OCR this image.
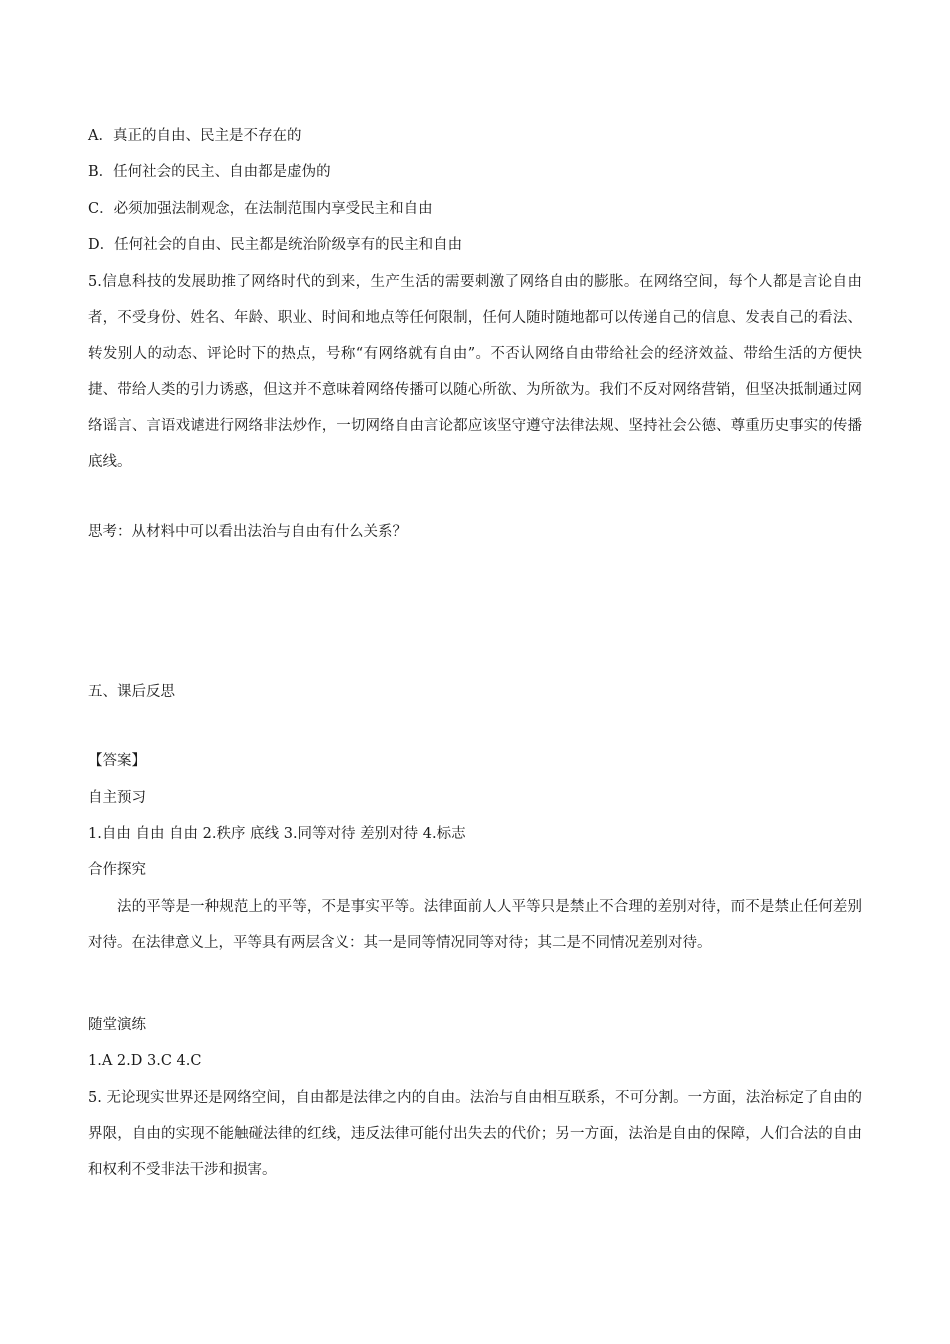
A．真正的自由、民主是不存在的
B．任何社会的民主、自由都是虚伪的
C．必须加强法制观念，在法制范围内享受民主和自由
D．任何社会的自由、民主都是统治阶级享有的民主和自由
5.信息科技的发展助推了网络时代的到来，生产生活的需要刺激了网络自由的膨胀。在网络空间，每个人都是言论自由者，不受身份、姓名、年龄、职业、时间和地点等任何限制，任何人随时随地都可以传递自己的信息、发表自己的看法、转发别人的动态、评论时下的热点，号称“有网络就有自由”。不否认网络自由带给社会的经济效益、带给生活的方便快捷、带给人类的引力诱惑，但这并不意味着网络传播可以随心所欲、为所欲为。我们不反对网络营销，但坚决抵制通过网络谣言、言语戏谑进行网络非法炒作，一切网络自由言论都应该坚守遵守法律法规、坚持社会公德、尊重历史事实的传播底线。
思考：从材料中可以看出法治与自由有什么关系？
五、课后反思
【答案】
自主预习
1.自由 自由 自由 2.秩序 底线 3.同等对待 差别对待 4.标志
合作探究
法的平等是一种规范上的平等，不是事实平等。法律面前人人平等只是禁止不合理的差别对待，而不是禁止任何差别对待。在法律意义上，平等具有两层含义：其一是同等情况同等对待；其二是不同情况差别对待。
随堂演练
1.A 2.D 3.C 4.C
5. 无论现实世界还是网络空间，自由都是法律之内的自由。法治与自由相互联系，不可分割。一方面，法治标定了自由的界限，自由的实现不能触碰法律的红线，违反法律可能付出失去的代价；另一方面，法治是自由的保障，人们合法的自由和权利不受非法干涉和损害。
